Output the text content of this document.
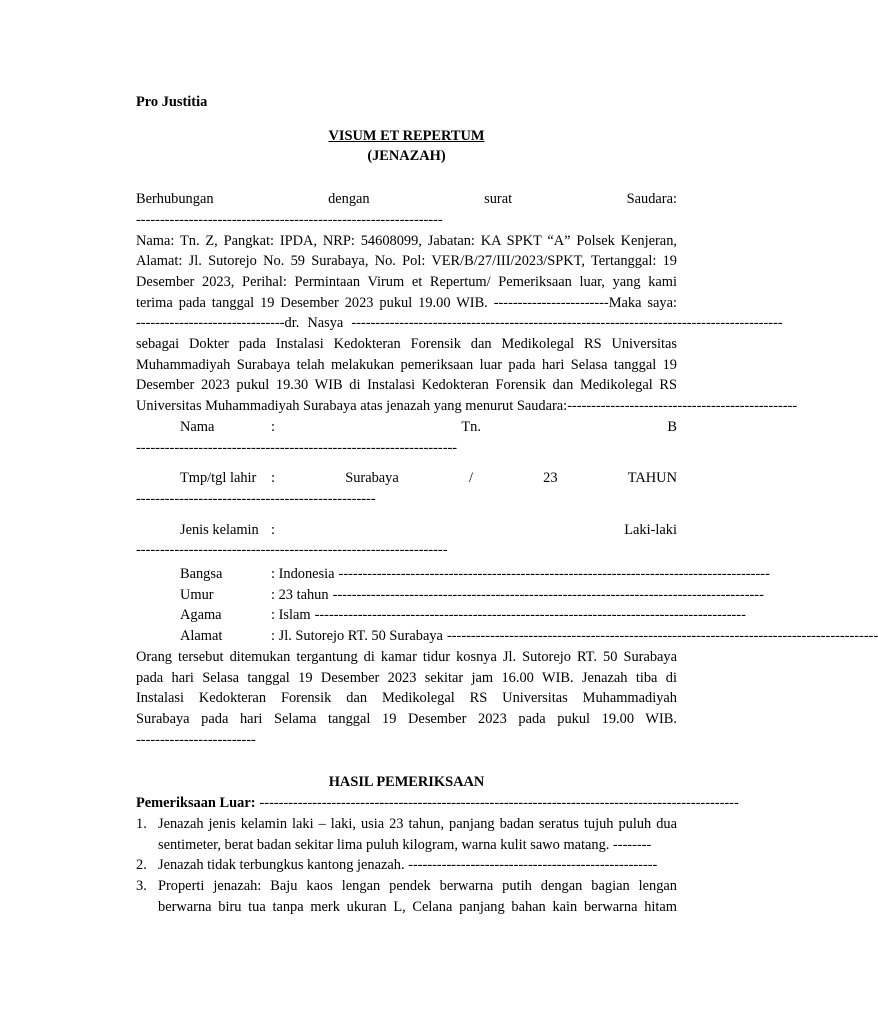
Pro Justitia
VISUM ET REPERTUM
(JENAZAH)
Berhubungan	dengan	surat	Saudara:
----------------------------------------------------------------
Nama: Tn. Z, Pangkat: IPDA, NRP: 54608099, Jabatan: KA SPKT “A” Polsek Kenjeran,
Alamat: Jl. Sutorejo No. 59 Surabaya, No. Pol: VER/B/27/III/2023/SPKT, Tertanggal: 19
Desember 2023, Perihal: Permintaan Virum et Repertum/ Pemeriksaan luar, yang kami
terima pada tanggal 19 Desember 2023 pukul 19.00 WIB. ------------------------Maka saya:
-------------------------------dr. Nasya ------------------------------------------------------------------------------------------
sebagai Dokter pada Instalasi Kedokteran Forensik dan Medikolegal RS Universitas
Muhammadiyah Surabaya telah melakukan pemeriksaan luar pada hari Selasa tanggal 19
Desember 2023 pukul 19.30 WIB di Instalasi Kedokteran Forensik dan Medikolegal RS
Universitas Muhammadiyah Surabaya atas jenazah yang menurut Saudara: ------------------------------------------------
Nama	:	Tn.	B
-------------------------------------------------------------------
Tmp/tgl lahir	:	Surabaya	/	23	TAHUN
--------------------------------------------------
Jenis kelamin :	Laki-laki
-----------------------------------------------------------------
Bangsa	: Indonesia ------------------------------------------------------------------------------------------
Umur	: 23 tahun ------------------------------------------------------------------------------------------
Agama	: Islam ------------------------------------------------------------------------------------------
Alamat	: Jl. Sutorejo RT. 50 Surabaya ------------------------------------------------------------------------------------------
Orang tersebut ditemukan tergantung di kamar tidur kosnya Jl. Sutorejo RT. 50 Surabaya
pada hari Selasa tanggal 19 Desember 2023 sekitar jam 16.00 WIB. Jenazah tiba di
Instalasi Kedokteran Forensik dan Medikolegal RS Universitas Muhammadiyah
Surabaya pada hari Selama tanggal 19 Desember 2023 pada pukul 19.00 WIB.
-------------------------
HASIL PEMERIKSAAN
Pemeriksaan Luar: ----------------------------------------------------------------------------------------------------
1. Jenazah jenis kelamin laki – laki, usia 23 tahun, panjang badan seratus tujuh puluh dua sentimeter, berat badan sekitar lima puluh kilogram, warna kulit sawo matang. --------
2. Jenazah tidak terbungkus kantong jenazah. ----------------------------------------------------
3. Properti jenazah: Baju kaos lengan pendek berwarna putih dengan bagian lengan berwarna biru tua tanpa merk ukuran L, Celana panjang bahan kain berwarna hitam
